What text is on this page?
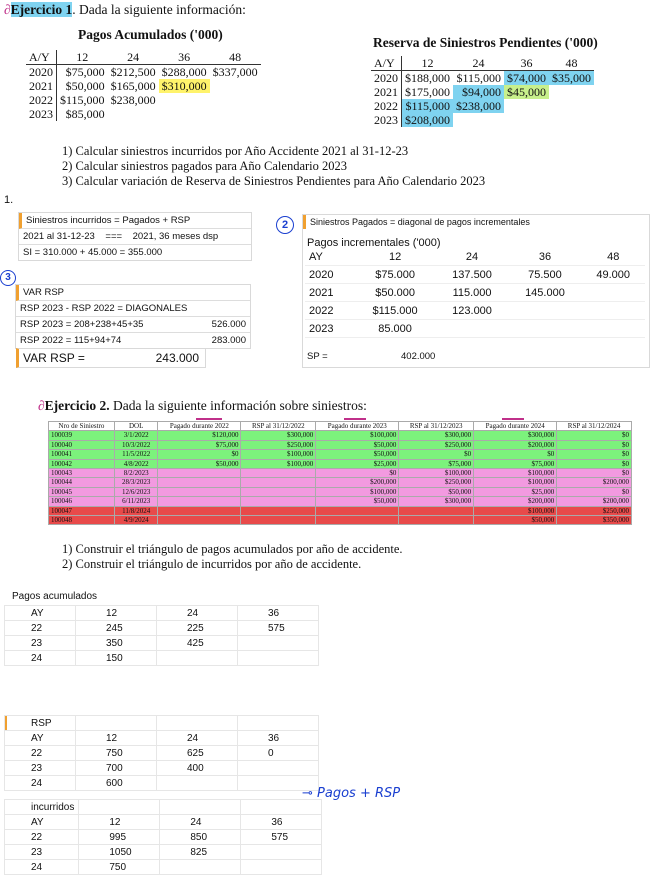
∂Ejercicio 1. Dada la siguiente información:
Pagos Acumulados ('000)
A/Y	12	24	36	48
2020	$75,000	$212,500	$288,000	$337,000
2021	$50,000	$165,000	$310,000	
2022	$115,000	$238,000		
2023	$85,000			
Reserva de Siniestros Pendientes ('000)
A/Y	12	24	36	48
2020	$188,000	$115,000	$74,000	$35,000
2021	$175,000	$94,000	$45,000	
2022	$115,000	$238,000		
2023	$208,000			
1) Calcular siniestros incurridos por Año Accidente 2021 al 31-12-23
2) Calcular siniestros pagados para Año Calendario 2023
3) Calcular variación de Reserva de Siniestros Pendientes para Año Calendario 2023
1.
Siniestros incurridos = Pagados + RSP
2021 al 31-12-23    ===    2021, 36 meses dsp
SI = 310.000 + 45.000 = 355.000
2
3
Siniestros Pagados = diagonal de pagos incrementales
Pagos incrementales ('000)
AY	12	24	36	48
2020	$75.000	137.500	75.500	49.000
2021	$50.000	115.000	145.000	
2022	$115.000	123.000		
2023	85.000			
SP =	402.000
VAR RSP
RSP 2023 - RSP 2022 = DIAGONALES
RSP 2023 = 208+238+45+35	526.000
RSP 2022 = 115+94+74	283.000
VAR RSP =	243.000
∂Ejercicio 2. Dada la siguiente información sobre siniestros:
Nro de Siniestro	DOL	Pagado durante 2022	RSP al 31/12/2022	Pagado durante 2023	RSP al 31/12/2023	Pagado durante 2024	RSP al 31/12/2024
100039	3/1/2022	$120,000	$300,000	$100,000	$300,000	$300,000	$0
100040	10/3/2022	$75,000	$250,000	$50,000	$250,000	$200,000	$0
100041	11/5/2022	$0	$100,000	$50,000	$0	$0	$0
100042	4/8/2022	$50,000	$100,000	$25,000	$75,000	$75,000	$0
100043	8/2/2023			$0	$100,000	$100,000	$0
100044	28/3/2023			$200,000	$250,000	$100,000	$200,000
100045	12/6/2023			$100,000	$50,000	$25,000	$0
100046	6/11/2023			$50,000	$300,000	$200,000	$200,000
100047	11/8/2024					$100,000	$250,000
100048	4/9/2024					$50,000	$350,000
1) Construir el triángulo de pagos acumulados por año de accidente.
2) Construir el triángulo de incurridos por año de accidente.
Pagos acumulados
AY	12	24	36
22	245	225	575
23	350	425	
24	150		
RSP			
AY	12	24	36
22	750	625	0
23	700	400	
24	600		
incurridos			
AY	12	24	36
22	995	850	575
23	1050	825	
24	750		
⊸ Pagos + RSP
